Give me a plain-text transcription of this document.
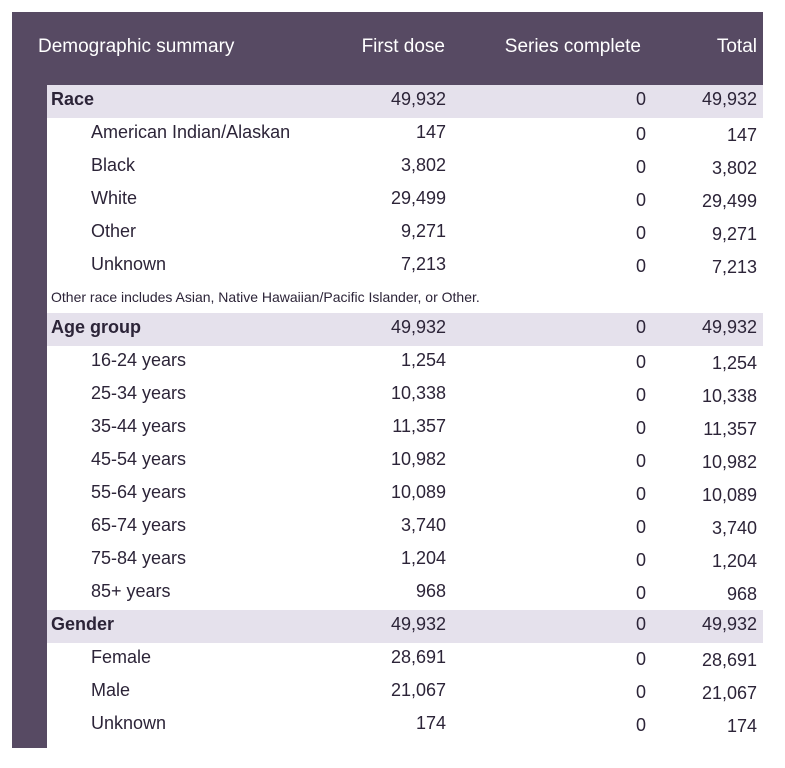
Demographic summary	First dose	Series complete	Total
Race	49,932	0	49,932
American Indian/Alaskan	147	0	147
Black	3,802	0	3,802
White	29,499	0	29,499
Other	9,271	0	9,271
Unknown	7,213	0	7,213
Other race includes Asian, Native Hawaiian/Pacific Islander, or Other.
Age group	49,932	0	49,932
16-24 years	1,254	0	1,254
25-34 years	10,338	0	10,338
35-44 years	11,357	0	11,357
45-54 years	10,982	0	10,982
55-64 years	10,089	0	10,089
65-74 years	3,740	0	3,740
75-84 years	1,204	0	1,204
85+ years	968	0	968
Gender	49,932	0	49,932
Female	28,691	0	28,691
Male	21,067	0	21,067
Unknown	174	0	174
